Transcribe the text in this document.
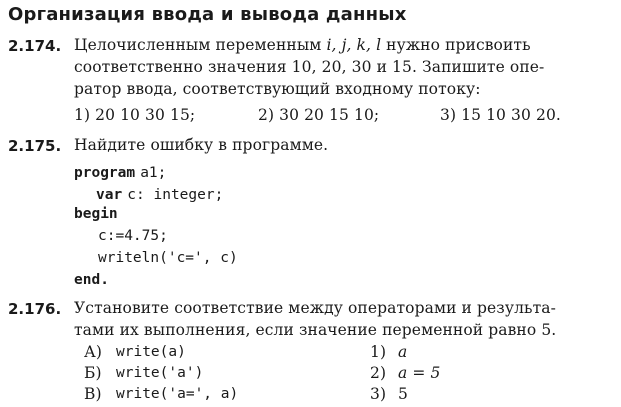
Организация ввода и вывода данных
2.174. Целочисленным переменным i, j, k, l нужно присвоить
соответственно значения 10, 20, 30 и 15. Запишите опе-
ратор ввода, соответствующий входному потоку:
1) 20 10 30 15;	2) 30 20 15 10;	3) 15 10 30 20.
2.175. Найдите ошибку в программе.
program a1;
var c: integer;
begin
c:=4.75;
writeln('c=', c)
end.
2.176. Установите соответствие между операторами и результа-
тами их выполнения, если значение переменной равно 5.
А) write(a)
Б) write('a')
В) write('a=', a)
1) a
2) a = 5
3) 5
